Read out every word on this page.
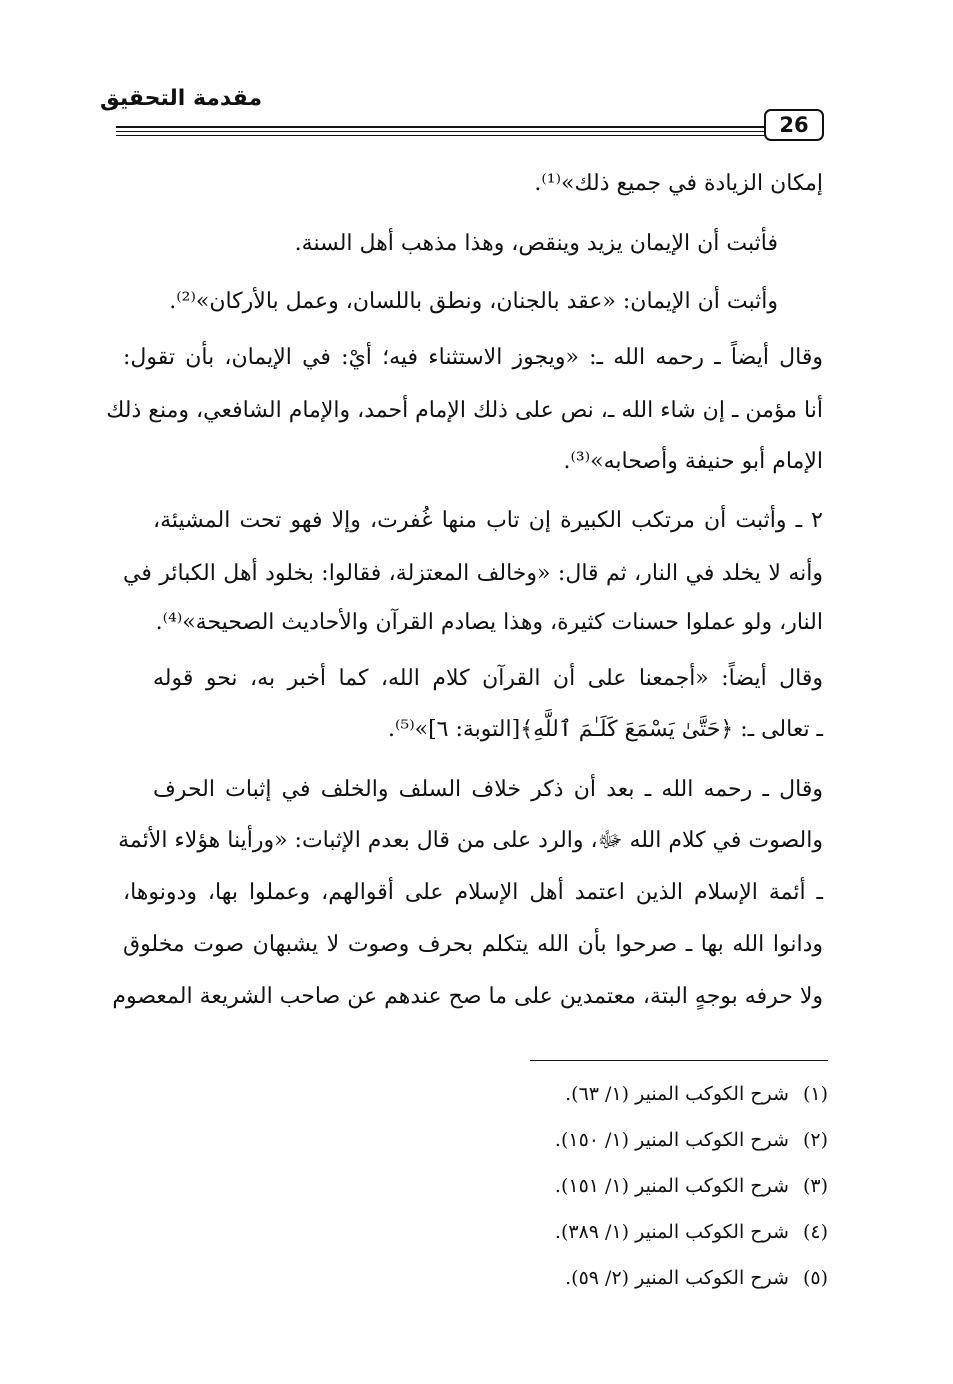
مقدمة التحقيق
26
إمكان الزيادة في جميع ذلك»⁽¹⁾.
فأثبت أن الإيمان يزيد وينقص، وهذا مذهب أهل السنة.
وأثبت أن الإيمان: «عقد بالجنان، ونطق باللسان، وعمل بالأركان»⁽²⁾.
وقال أيضاً ـ رحمه الله ـ: «ويجوز الاستثناء فيه؛ أيْ: في الإيمان، بأن تقول:
أنا مؤمن ـ إن شاء الله ـ، نص على ذلك الإمام أحمد، والإمام الشافعي، ومنع ذلك
الإمام أبو حنيفة وأصحابه»⁽³⁾.
٢ ـ وأثبت أن مرتكب الكبيرة إن تاب منها غُفرت، وإلا فهو تحت المشيئة،
وأنه لا يخلد في النار، ثم قال: «وخالف المعتزلة، فقالوا: بخلود أهل الكبائر في
النار، ولو عملوا حسنات كثيرة، وهذا يصادم القرآن والأحاديث الصحيحة»⁽⁴⁾.
وقال أيضاً: «أجمعنا على أن القرآن كلام الله، كما أخبر به، نحو قوله
ـ تعالى ـ: ﴿حَتَّىٰ يَسْمَعَ كَلَـٰمَ ٱللَّهِ﴾[التوبة: ٦]»⁽⁵⁾.
وقال ـ رحمه الله ـ بعد أن ذكر خلاف السلف والخلف في إثبات الحرف
والصوت في كلام الله ﷻ، والرد على من قال بعدم الإثبات: «ورأينا هؤلاء الأئمة
ـ أئمة الإسلام الذين اعتمد أهل الإسلام على أقوالهم، وعملوا بها، ودونوها،
ودانوا الله بها ـ صرحوا بأن الله يتكلم بحرف وصوت لا يشبهان صوت مخلوق
ولا حرفه بوجهٍ البتة، معتمدين على ما صح عندهم عن صاحب الشريعة المعصوم
(١)شرح الكوكب المنير (١/ ٦٣).
(٢)شرح الكوكب المنير (١/ ١٥٠).
(٣)شرح الكوكب المنير (١/ ١٥١).
(٤)شرح الكوكب المنير (١/ ٣٨٩).
(٥)شرح الكوكب المنير (٢/ ٥٩).
